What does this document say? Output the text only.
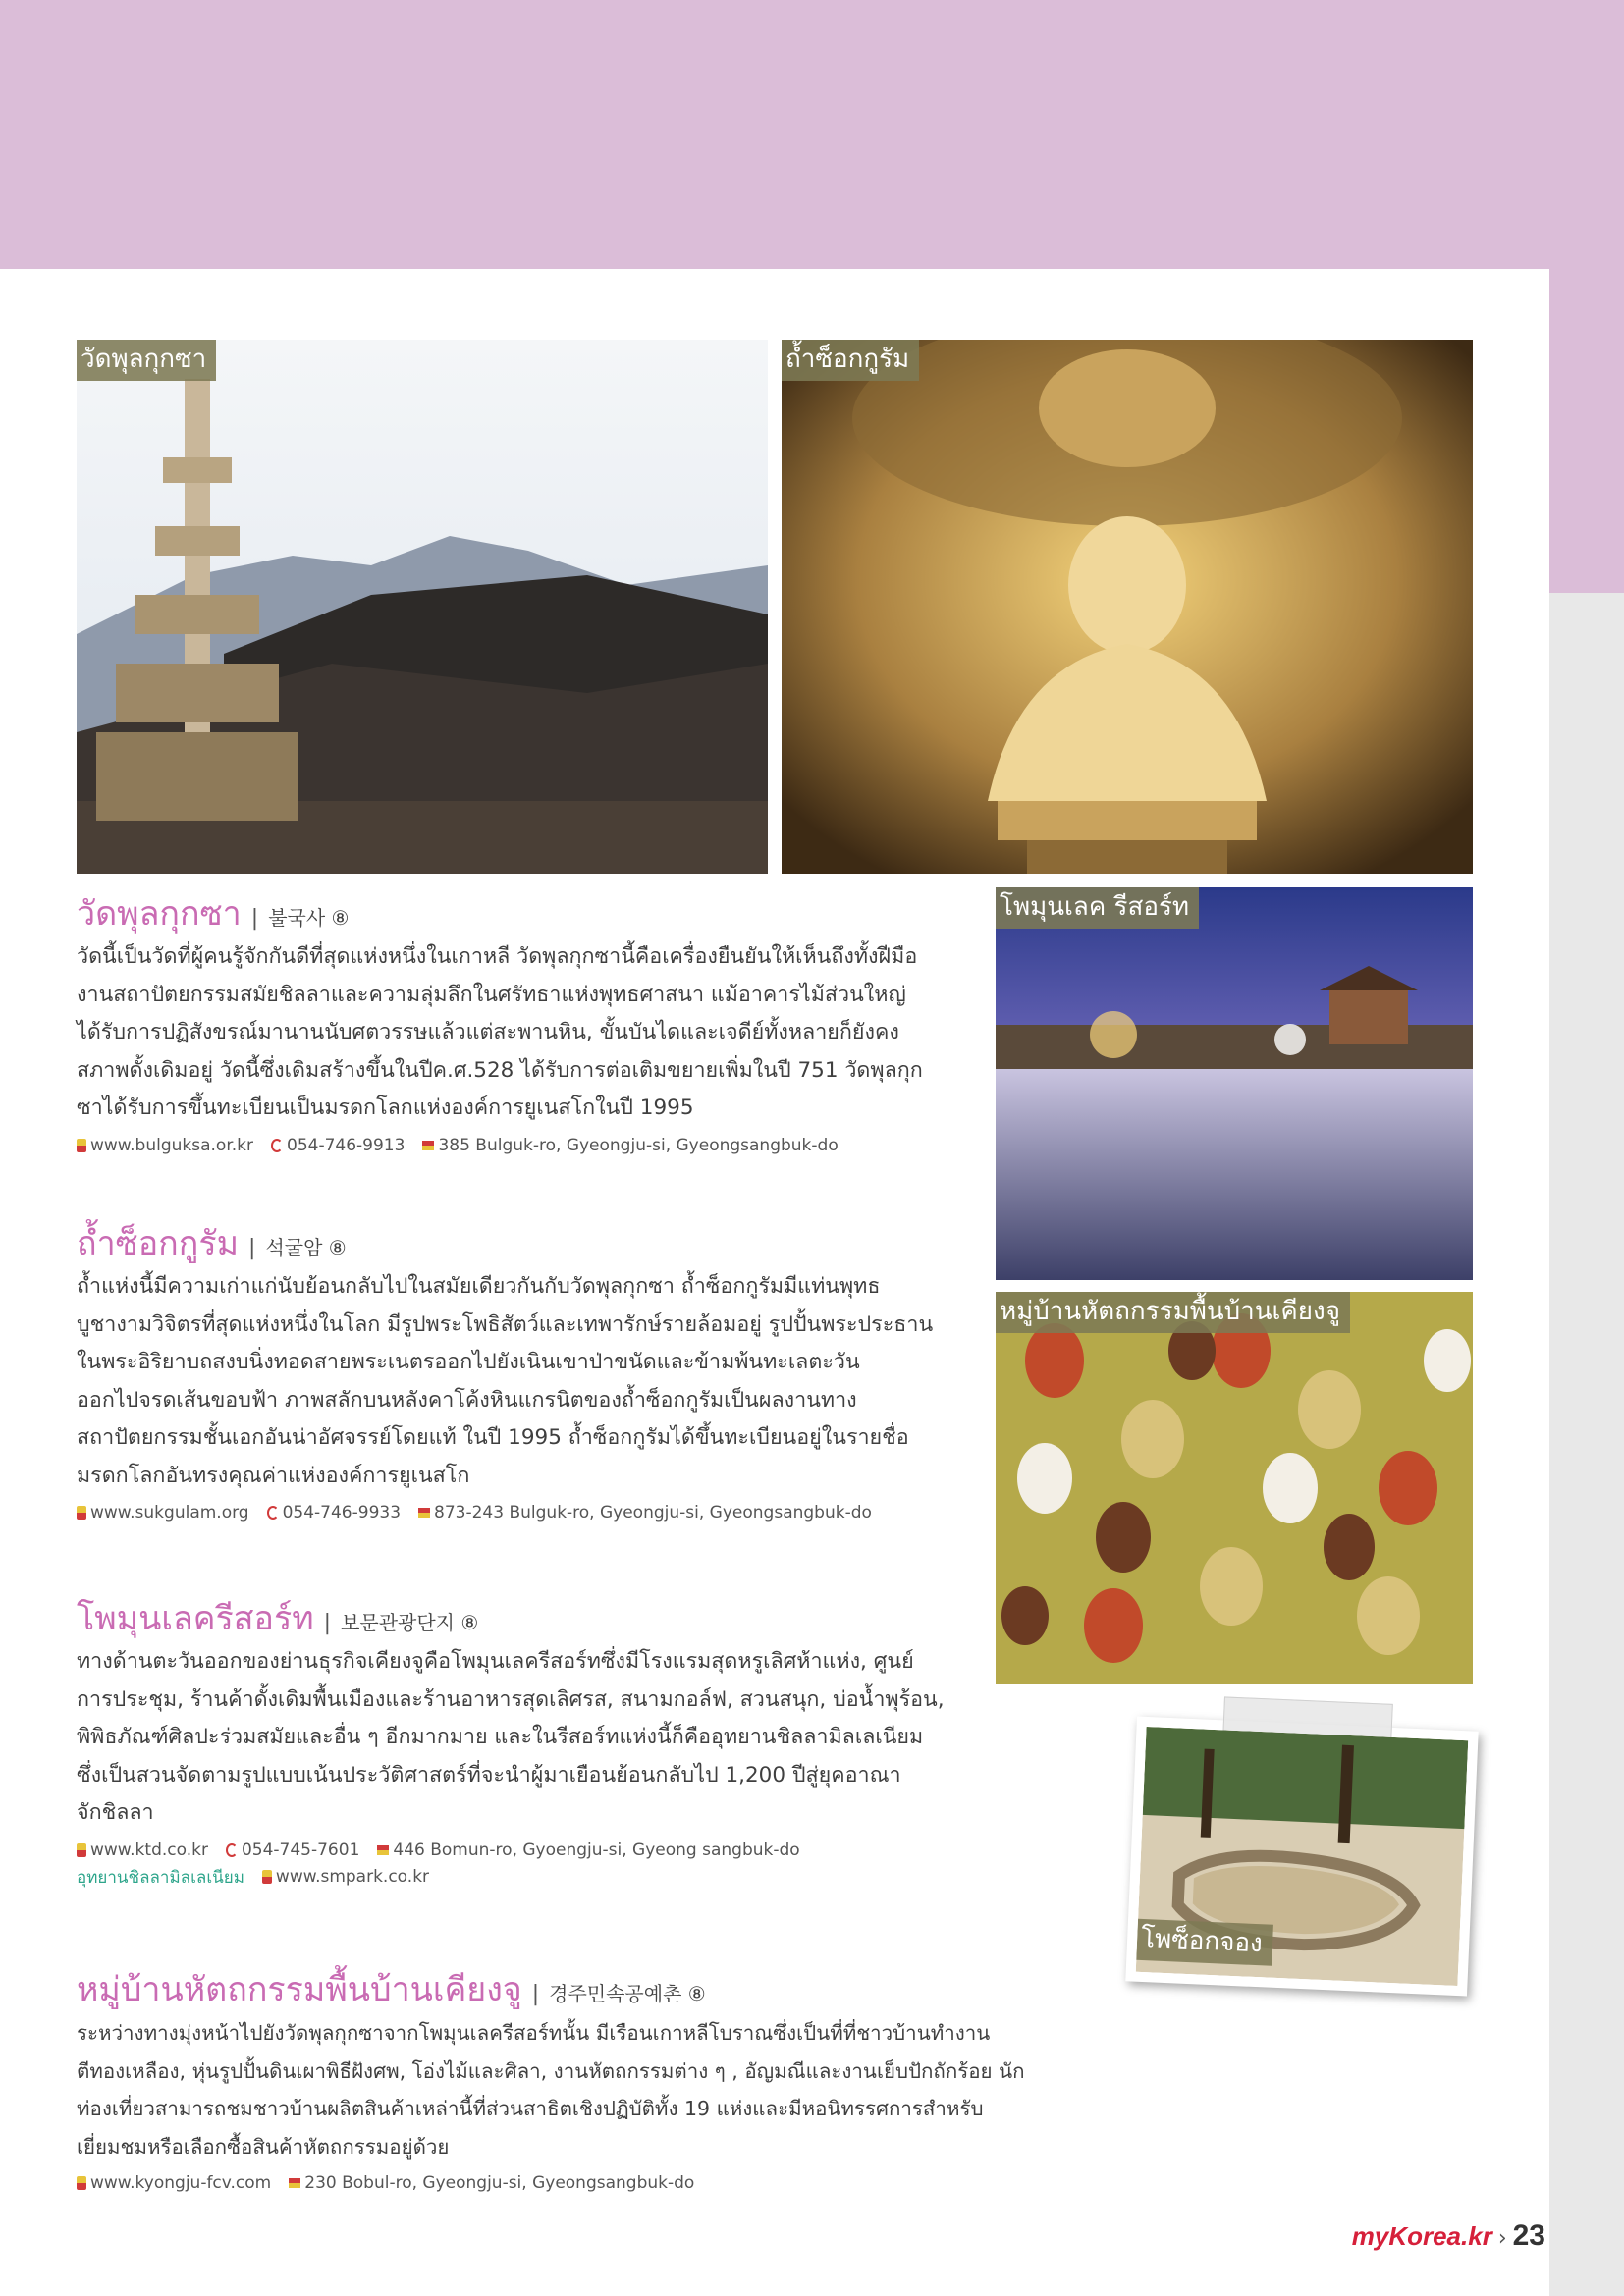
วัดพุลกุกซา	ถ้ำซ็อกกูรัม
โพมุนเลค รีสอร์ท
หมู่บ้านหัตถกรรมพื้นบ้านเคียงจู
โพซ็อกจอง
วัดพุลกุกซา | 불국사 ⑧
วัดนี้เป็นวัดที่ผู้คนรู้จักกันดีที่สุดแห่งหนึ่งในเกาหลี วัดพุลกุกซานี้คือเครื่องยืนยันให้เห็นถึงทั้งฝีมือ
งานสถาปัตยกรรมสมัยชิลลาและความลุ่มลึกในศรัทธาแห่งพุทธศาสนา แม้อาคารไม้ส่วนใหญ่
ได้รับการปฏิสังขรณ์มานานนับศตวรรษแล้วแต่สะพานหิน, ขั้นบันไดและเจดีย์ทั้งหลายก็ยังคง
สภาพดั้งเดิมอยู่ วัดนี้ซึ่งเดิมสร้างขึ้นในปีค.ศ.528 ได้รับการต่อเติมขยายเพิ่มในปี 751 วัดพุลกุก
ซาได้รับการขึ้นทะเบียนเป็นมรดกโลกแห่งองค์การยูเนสโกในปี 1995
www.bulguksa.or.kr 054-746-9913 385 Bulguk-ro, Gyeongju-si, Gyeongsangbuk-do
ถ้ำซ็อกกูรัม | 석굴암 ⑧
ถ้ำแห่งนี้มีความเก่าแก่นับย้อนกลับไปในสมัยเดียวกันกับวัดพุลกุกซา ถ้ำซ็อกกูรัมมีแท่นพุทธ
บูชางามวิจิตรที่สุดแห่งหนึ่งในโลก มีรูปพระโพธิสัตว์และเทพารักษ์รายล้อมอยู่ รูปปั้นพระประธาน
ในพระอิริยาบถสงบนิ่งทอดสายพระเนตรออกไปยังเนินเขาป่าขนัดและข้ามพ้นทะเลตะวัน
ออกไปจรดเส้นขอบฟ้า ภาพสลักบนหลังคาโค้งหินแกรนิตของถ้ำซ็อกกูรัมเป็นผลงานทาง
สถาปัตยกรรมชั้นเอกอันน่าอัศจรรย์โดยแท้ ในปี 1995 ถ้ำซ็อกกูรัมได้ขึ้นทะเบียนอยู่ในรายชื่อ
มรดกโลกอันทรงคุณค่าแห่งองค์การยูเนสโก
www.sukgulam.org 054-746-9933 873-243 Bulguk-ro, Gyeongju-si, Gyeongsangbuk-do
โพมุนเลครีสอร์ท | 보문관광단지 ⑧
ทางด้านตะวันออกของย่านธุรกิจเคียงจูคือโพมุนเลครีสอร์ทซึ่งมีโรงแรมสุดหรูเลิศห้าแห่ง, ศูนย์
การประชุม, ร้านค้าดั้งเดิมพื้นเมืองและร้านอาหารสุดเลิศรส, สนามกอล์ฟ, สวนสนุก, บ่อน้ำพุร้อน,
พิพิธภัณฑ์ศิลปะร่วมสมัยและอื่น ๆ อีกมากมาย และในรีสอร์ทแห่งนี้ก็คืออุทยานชิลลามิลเลเนียม
ซึ่งเป็นสวนจัดตามรูปแบบเน้นประวัติศาสตร์ที่จะนำผู้มาเยือนย้อนกลับไป 1,200 ปีสู่ยุคอาณา
จักชิลลา
www.ktd.co.kr 054-745-7601 446 Bomun-ro, Gyoengju-si, Gyeong sangbuk-do
อุทยานชิลลามิลเลเนียม www.smpark.co.kr
หมู่บ้านหัตถกรรมพื้นบ้านเคียงจู | 경주민속공예촌 ⑧
ระหว่างทางมุ่งหน้าไปยังวัดพุลกุกซาจากโพมุนเลครีสอร์ทนั้น มีเรือนเกาหลีโบราณซึ่งเป็นที่ที่ชาวบ้านทำงาน
ตีทองเหลือง, หุ่นรูปปั้นดินเผาพิธีฝังศพ, โอ่งไม้และศิลา, งานหัตถกรรมต่าง ๆ , อัญมณีและงานเย็บปักถักร้อย นัก
ท่องเที่ยวสามารถชมชาวบ้านผลิตสินค้าเหล่านี้ที่ส่วนสาธิตเชิงปฏิบัติทั้ง 19 แห่งและมีหอนิทรรศการสำหรับ
เยี่ยมชมหรือเลือกซื้อสินค้าหัตถกรรมอยู่ด้วย
www.kyongju-fcv.com 230 Bobul-ro, Gyeongju-si, Gyeongsangbuk-do
myKorea.kr › 23
